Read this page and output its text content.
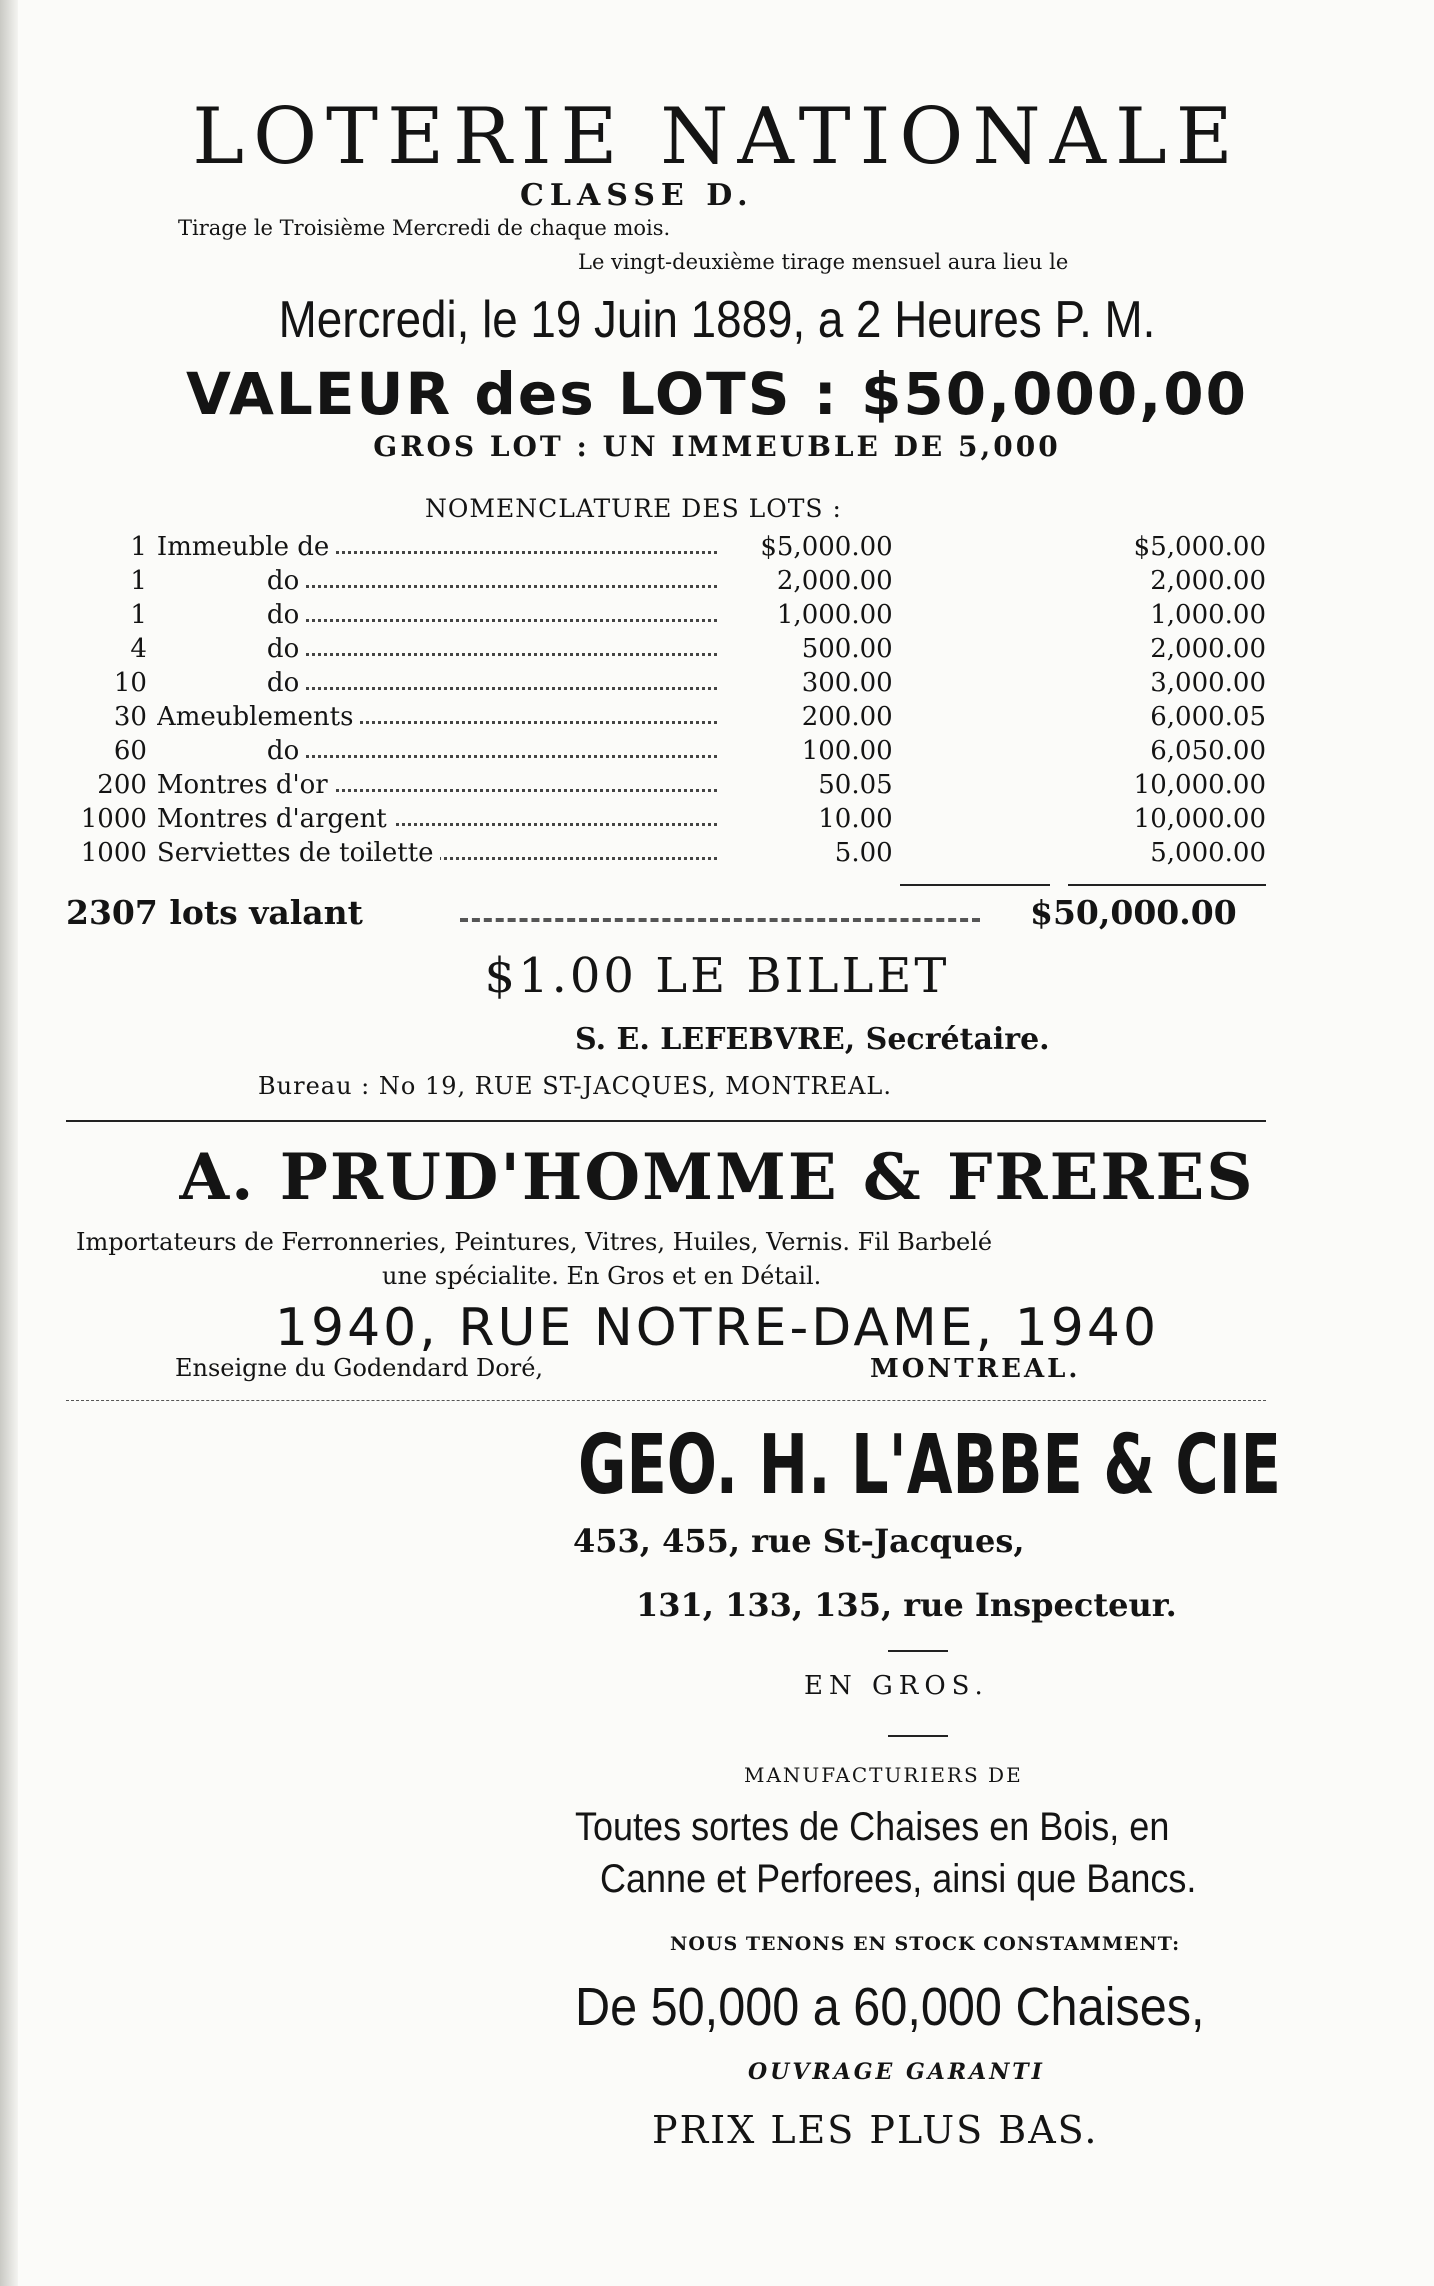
LOTERIE NATIONALE
CLASSE D.
Tirage le Troisième Mercredi de chaque mois.
Le vingt-deuxième tirage mensuel aura lieu le
Mercredi, le 19 Juin 1889, a 2 Heures P. M.
VALEUR des LOTS : $50,000,00
GROS LOT : UN IMMEUBLE DE 5,000
NOMENCLATURE DES LOTS :
1	Immeuble de	$5,000.00	$5,000.00
1	do	2,000.00	2,000.00
1	do	1,000.00	1,000.00
4	do	500.00	2,000.00
10	do	300.00	3,000.00
30	Ameublements	200.00	6,000.05
60	do	100.00	6,050.00
200	Montres d'or	50.05	10,000.00
1000	Montres d'argent	10.00	10,000.00
1000	Serviettes de toilette	5.00	5,000.00
2307 lots valant	$50,000.00
$1.00 LE BILLET
S. E. LEFEBVRE, Secrétaire.
Bureau : No 19, RUE ST-JACQUES, MONTREAL.
A. PRUD'HOMME & FRERES
Importateurs de Ferronneries, Peintures, Vitres, Huiles, Vernis. Fil Barbelé
une spécialite. En Gros et en Détail.
1940, RUE NOTRE-DAME, 1940
Enseigne du Godendard Doré,	MONTREAL.
GEO. H. L'ABBE & CIE
453, 455, rue St-Jacques,
131, 133, 135, rue Inspecteur.
EN GROS.
MANUFACTURIERS DE
Toutes sortes de Chaises en Bois, en
Canne et Perforees, ainsi que Bancs.
NOUS TENONS EN STOCK CONSTAMMENT:
De 50,000 a 60,000 Chaises,
OUVRAGE GARANTI
PRIX LES PLUS BAS.
